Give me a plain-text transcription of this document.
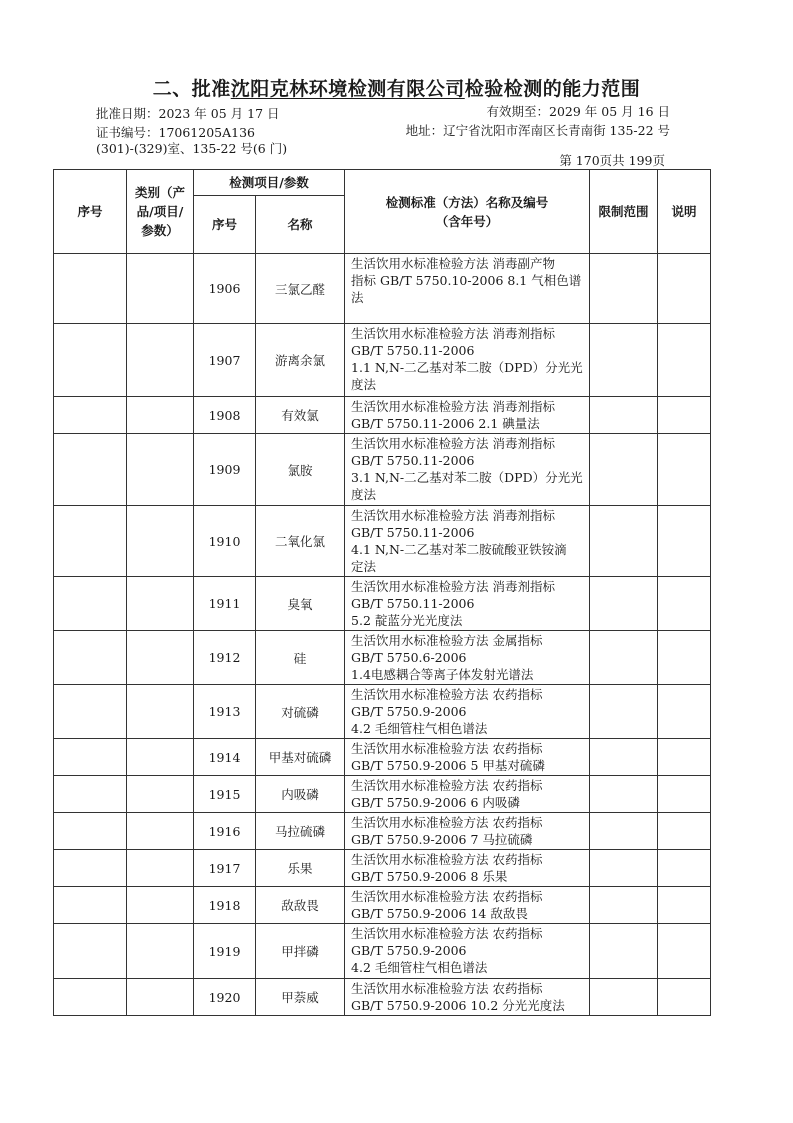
二、批准沈阳克林环境检测有限公司检验检测的能力范围
批准日期：2023 年 05 月 17 日	有效期至：2029 年 05 月 16 日
证书编号：17061205A136	地址：辽宁省沈阳市浑南区长青南街 135-22 号
(301)-(329)室、135-22 号(6 门)
第 170页共 199页
序号	类别（产品/项目/参数）	检测项目/参数		检测标准（方法）名称及编号（含年号）	限制范围	说明
		序号	名称			
		1906	三氯乙醛	生活饮用水标准检验方法 消毒副产物
指标 GB/T 5750.10-2006 8.1 气相色谱
法		

		1907	游离余氯	生活饮用水标准检验方法 消毒剂指标
GB/T 5750.11-2006
1.1 N,N-二乙基对苯二胺（DPD）分光光
度法		

		1908	有效氯	生活饮用水标准检验方法 消毒剂指标
GB/T 5750.11-2006 2.1 碘量法		

		1909	氯胺	生活饮用水标准检验方法 消毒剂指标
GB/T 5750.11-2006
3.1 N,N-二乙基对苯二胺（DPD）分光光
度法		

		1910	二氧化氯	生活饮用水标准检验方法 消毒剂指标
GB/T 5750.11-2006
4.1 N,N-二乙基对苯二胺硫酸亚铁铵滴
定法		

		1911	臭氧	生活饮用水标准检验方法 消毒剂指标
GB/T 5750.11-2006
5.2 靛蓝分光光度法		

		1912	硅	生活饮用水标准检验方法 金属指标
GB/T 5750.6-2006
1.4电感耦合等离子体发射光谱法		

		1913	对硫磷	生活饮用水标准检验方法 农药指标
GB/T 5750.9-2006
4.2 毛细管柱气相色谱法		

		1914	甲基对硫磷	生活饮用水标准检验方法 农药指标
GB/T 5750.9-2006 5 甲基对硫磷		

		1915	内吸磷	生活饮用水标准检验方法 农药指标
GB/T 5750.9-2006 6 内吸磷		

		1916	马拉硫磷	生活饮用水标准检验方法 农药指标
GB/T 5750.9-2006 7 马拉硫磷		

		1917	乐果	生活饮用水标准检验方法 农药指标
GB/T 5750.9-2006 8 乐果		

		1918	敌敌畏	生活饮用水标准检验方法 农药指标
GB/T 5750.9-2006 14 敌敌畏		

		1919	甲拌磷	生活饮用水标准检验方法 农药指标
GB/T 5750.9-2006
4.2 毛细管柱气相色谱法		

		1920	甲萘威	生活饮用水标准检验方法 农药指标
GB/T 5750.9-2006 10.2 分光光度法		
